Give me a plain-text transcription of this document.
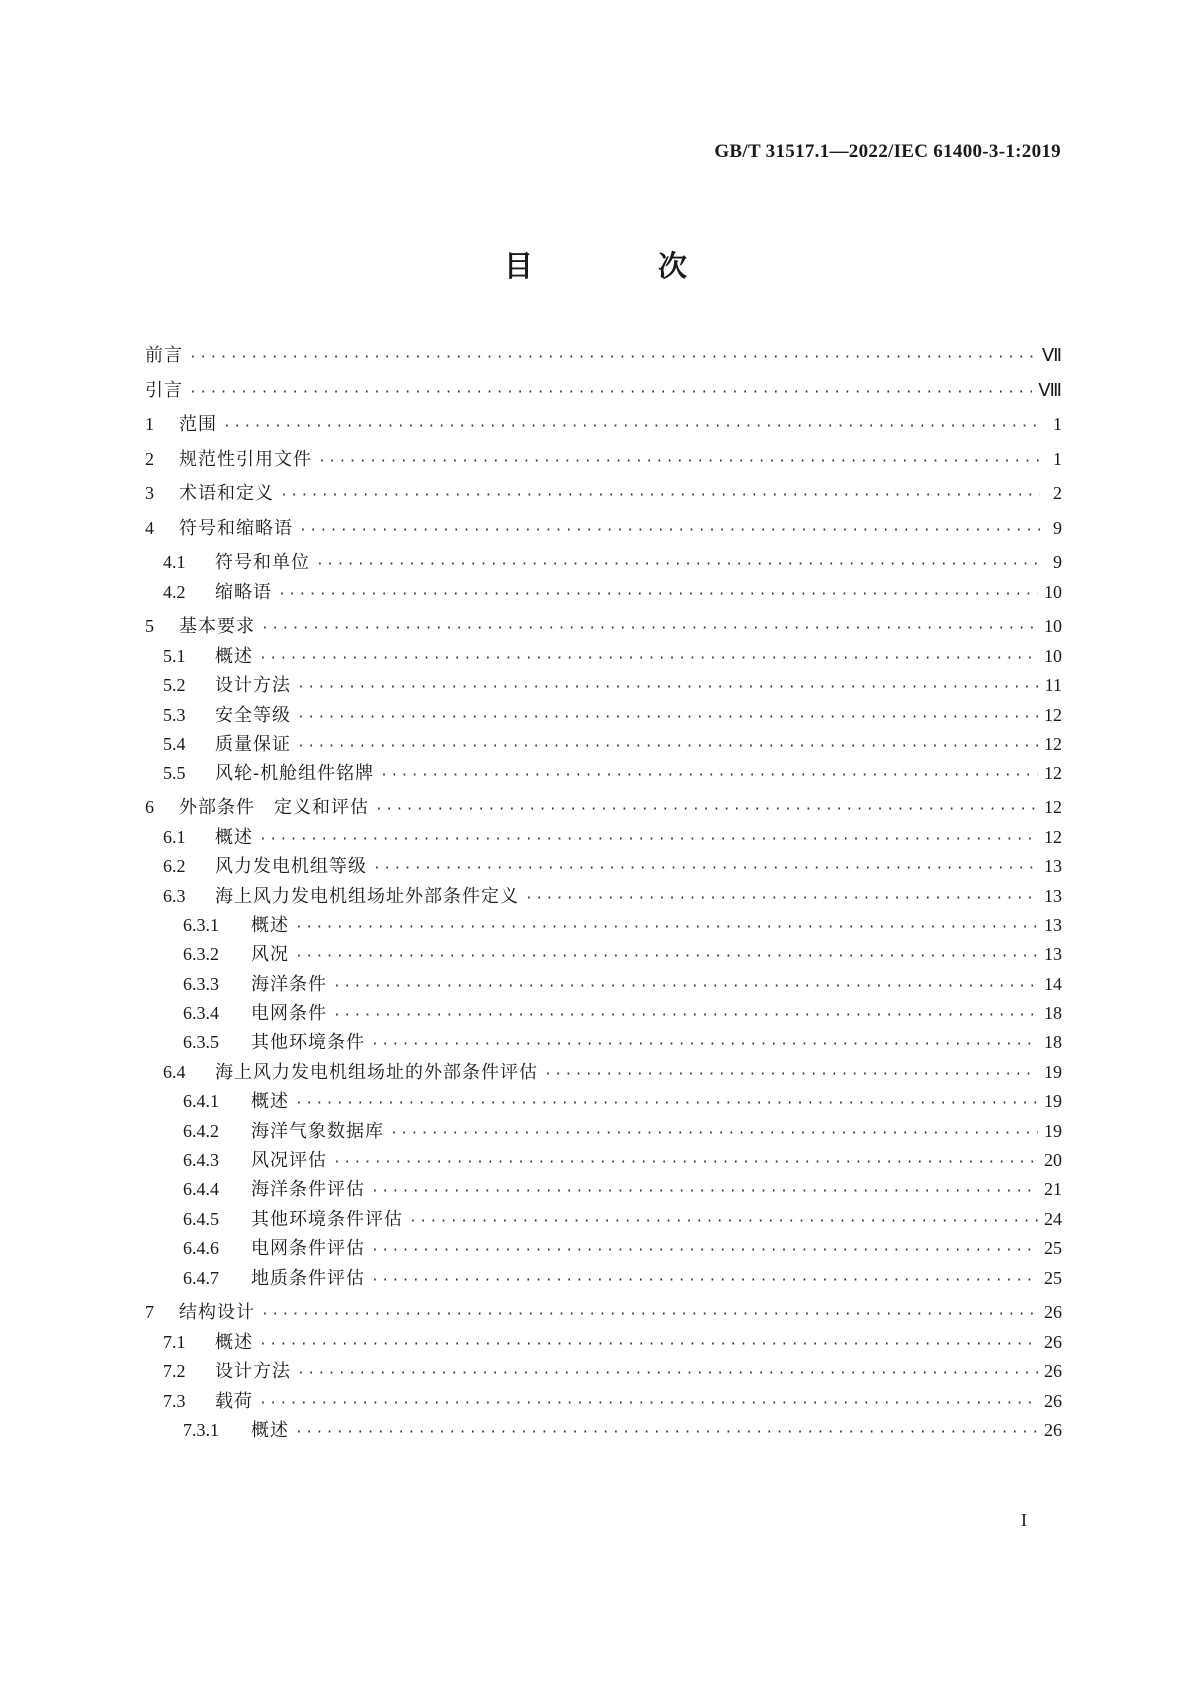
GB/T 31517.1—2022/IEC 61400-3-1:2019
目　次
前言 ·····	Ⅶ
引言 ·····	Ⅷ
1	范围 ·····	1
2	规范性引用文件 ·····	1
3	术语和定义 ·····	2
4	符号和缩略语 ·····	9
4.1	符号和单位 ·····	9
4.2	缩略语 ·····	10
5	基本要求 ·····	10
5.1	概述 ·····	10
5.2	设计方法 ·····	11
5.3	安全等级 ·····	12
5.4	质量保证 ·····	12
5.5	风轮-机舱组件铭牌 ·····	12
6	外部条件　定义和评估 ·····	12
6.1	概述 ·····	12
6.2	风力发电机组等级 ·····	13
6.3	海上风力发电机组场址外部条件定义 ·····	13
6.3.1	概述 ·····	13
6.3.2	风况 ·····	13
6.3.3	海洋条件 ·····	14
6.3.4	电网条件 ·····	18
6.3.5	其他环境条件 ·····	18
6.4	海上风力发电机组场址的外部条件评估 ·····	19
6.4.1	概述 ·····	19
6.4.2	海洋气象数据库 ·····	19
6.4.3	风况评估 ·····	20
6.4.4	海洋条件评估 ·····	21
6.4.5	其他环境条件评估 ·····	24
6.4.6	电网条件评估 ·····	25
6.4.7	地质条件评估 ·····	25
7	结构设计 ·····	26
7.1	概述 ·····	26
7.2	设计方法 ·····	26
7.3	载荷 ·····	26
7.3.1	概述 ·····	26
I
